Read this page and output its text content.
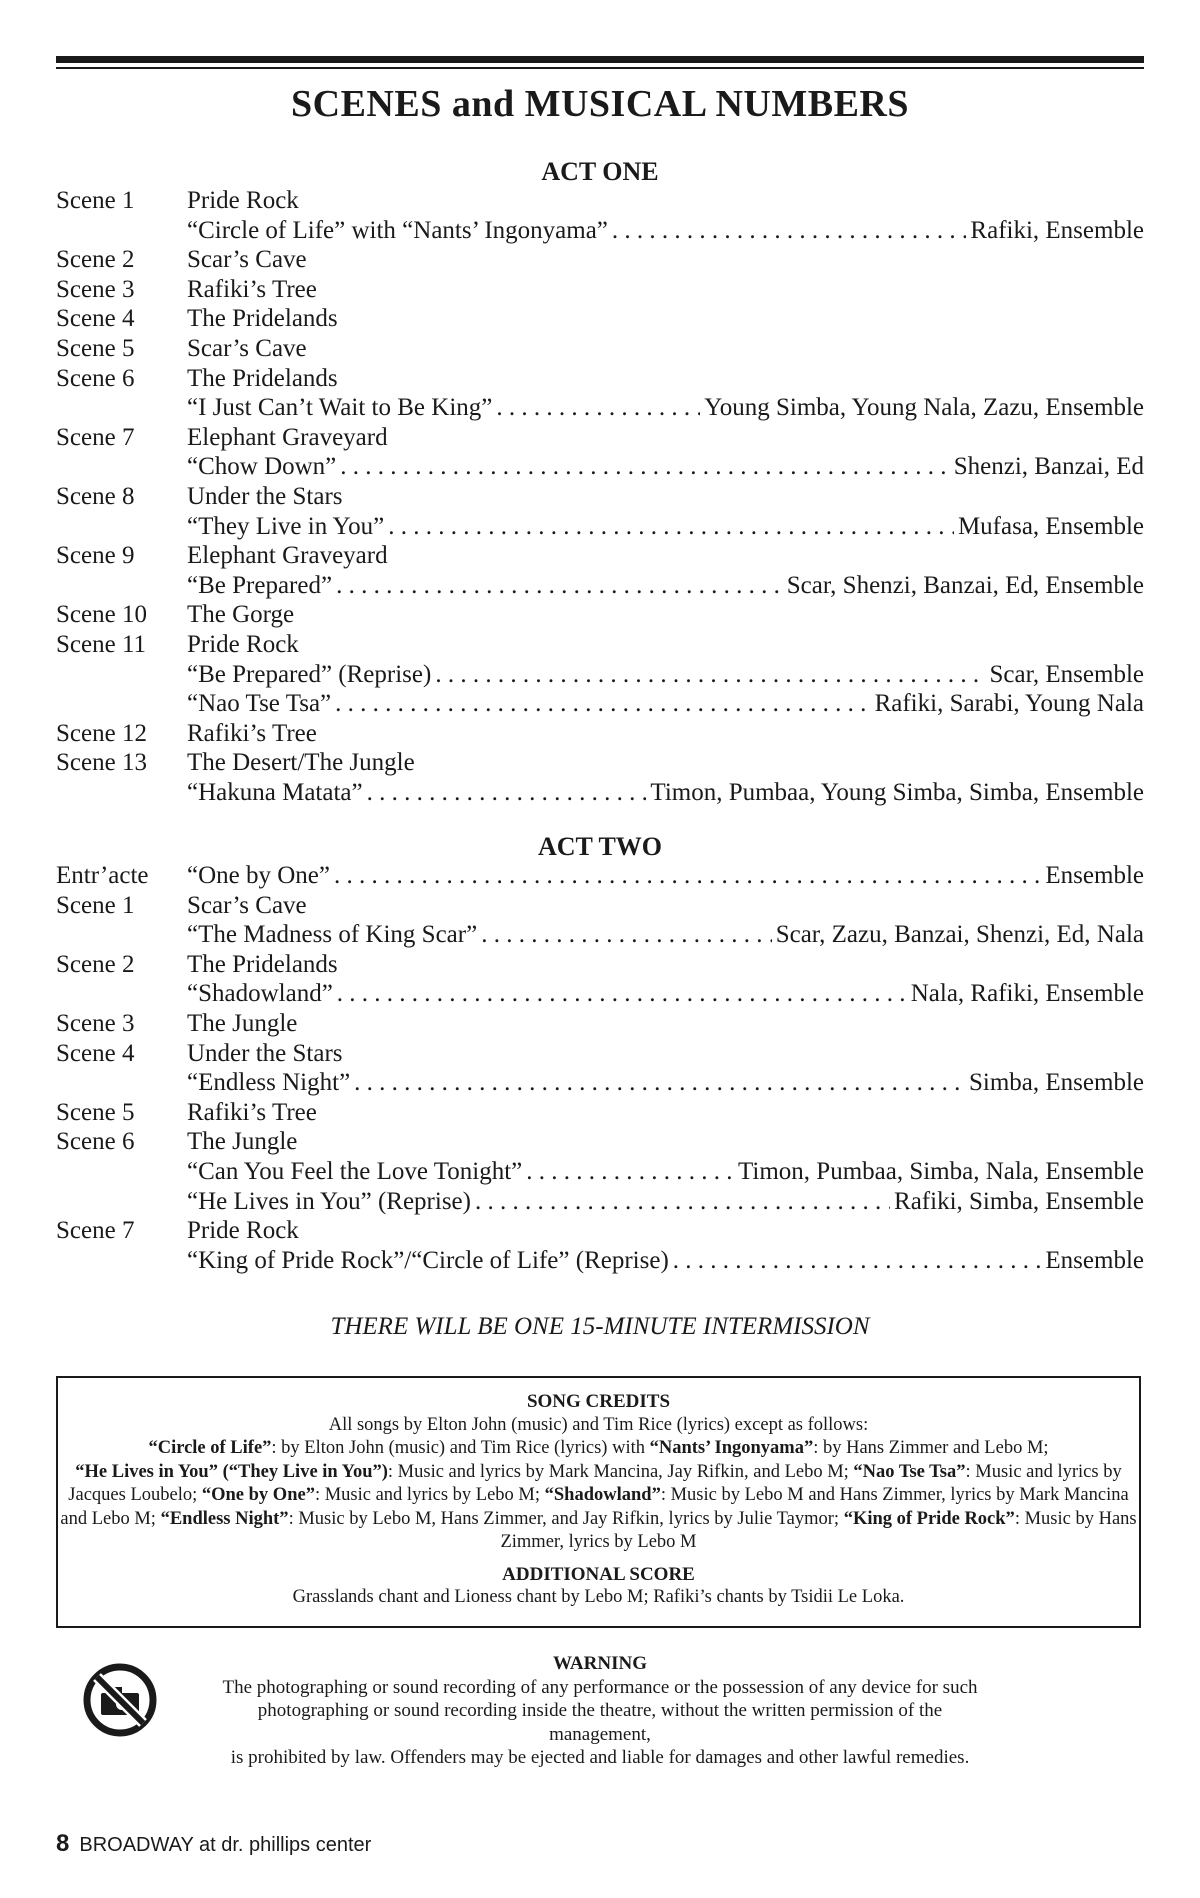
SCENES and MUSICAL NUMBERS
ACT ONE
Scene 1 Pride Rock
“Circle of Life” with “Nants’ Ingonyama” . . .	Rafiki, Ensemble
Scene 2 Scar’s Cave
Scene 3 Rafiki’s Tree
Scene 4 The Pridelands
Scene 5 Scar’s Cave
Scene 6 The Pridelands
“I Just Can’t Wait to Be King” . . .	Young Simba, Young Nala, Zazu, Ensemble
Scene 7 Elephant Graveyard
“Chow Down” . . .	Shenzi, Banzai, Ed
Scene 8 Under the Stars
“They Live in You” . . .	Mufasa, Ensemble
Scene 9 Elephant Graveyard
“Be Prepared” . . .	Scar, Shenzi, Banzai, Ed, Ensemble
Scene 10 The Gorge
Scene 11 Pride Rock
“Be Prepared” (Reprise) . . .	Scar, Ensemble
“Nao Tse Tsa” . . .	Rafiki, Sarabi, Young Nala
Scene 12 Rafiki’s Tree
Scene 13 The Desert/The Jungle
“Hakuna Matata” . . .	Timon, Pumbaa, Young Simba, Simba, Ensemble
ACT TWO
Entr’acte “One by One” . . .	Ensemble
Scene 1 Scar’s Cave
“The Madness of King Scar” . . .	Scar, Zazu, Banzai, Shenzi, Ed, Nala
Scene 2 The Pridelands
“Shadowland” . . .	Nala, Rafiki, Ensemble
Scene 3 The Jungle
Scene 4 Under the Stars
“Endless Night” . . .	Simba, Ensemble
Scene 5 Rafiki’s Tree
Scene 6 The Jungle
“Can You Feel the Love Tonight” . . .	Timon, Pumbaa, Simba, Nala, Ensemble
“He Lives in You” (Reprise) . . .	Rafiki, Simba, Ensemble
Scene 7 Pride Rock
“King of Pride Rock”/“Circle of Life” (Reprise) . . .	Ensemble
THERE WILL BE ONE 15-MINUTE INTERMISSION
SONG CREDITS
All songs by Elton John (music) and Tim Rice (lyrics) except as follows:
“Circle of Life”: by Elton John (music) and Tim Rice (lyrics) with “Nants’ Ingonyama”: by Hans Zimmer and Lebo M;
“He Lives in You” (“They Live in You”): Music and lyrics by Mark Mancina, Jay Rifkin, and Lebo M; “Nao Tse Tsa”: Music and lyrics by Jacques Loubelo; “One by One”: Music and lyrics by Lebo M; “Shadowland”: Music by Lebo M and Hans Zimmer, lyrics by Mark Mancina and Lebo M; “Endless Night”: Music by Lebo M, Hans Zimmer, and Jay Rifkin, lyrics by Julie Taymor; “King of Pride Rock”: Music by Hans Zimmer, lyrics by Lebo M
ADDITIONAL SCORE
Grasslands chant and Lioness chant by Lebo M; Rafiki’s chants by Tsidii Le Loka.
WARNING
The photographing or sound recording of any performance or the possession of any device for such
photographing or sound recording inside the theatre, without the written permission of the management,
is prohibited by law. Offenders may be ejected and liable for damages and other lawful remedies.
8 BROADWAY at dr. phillips center
